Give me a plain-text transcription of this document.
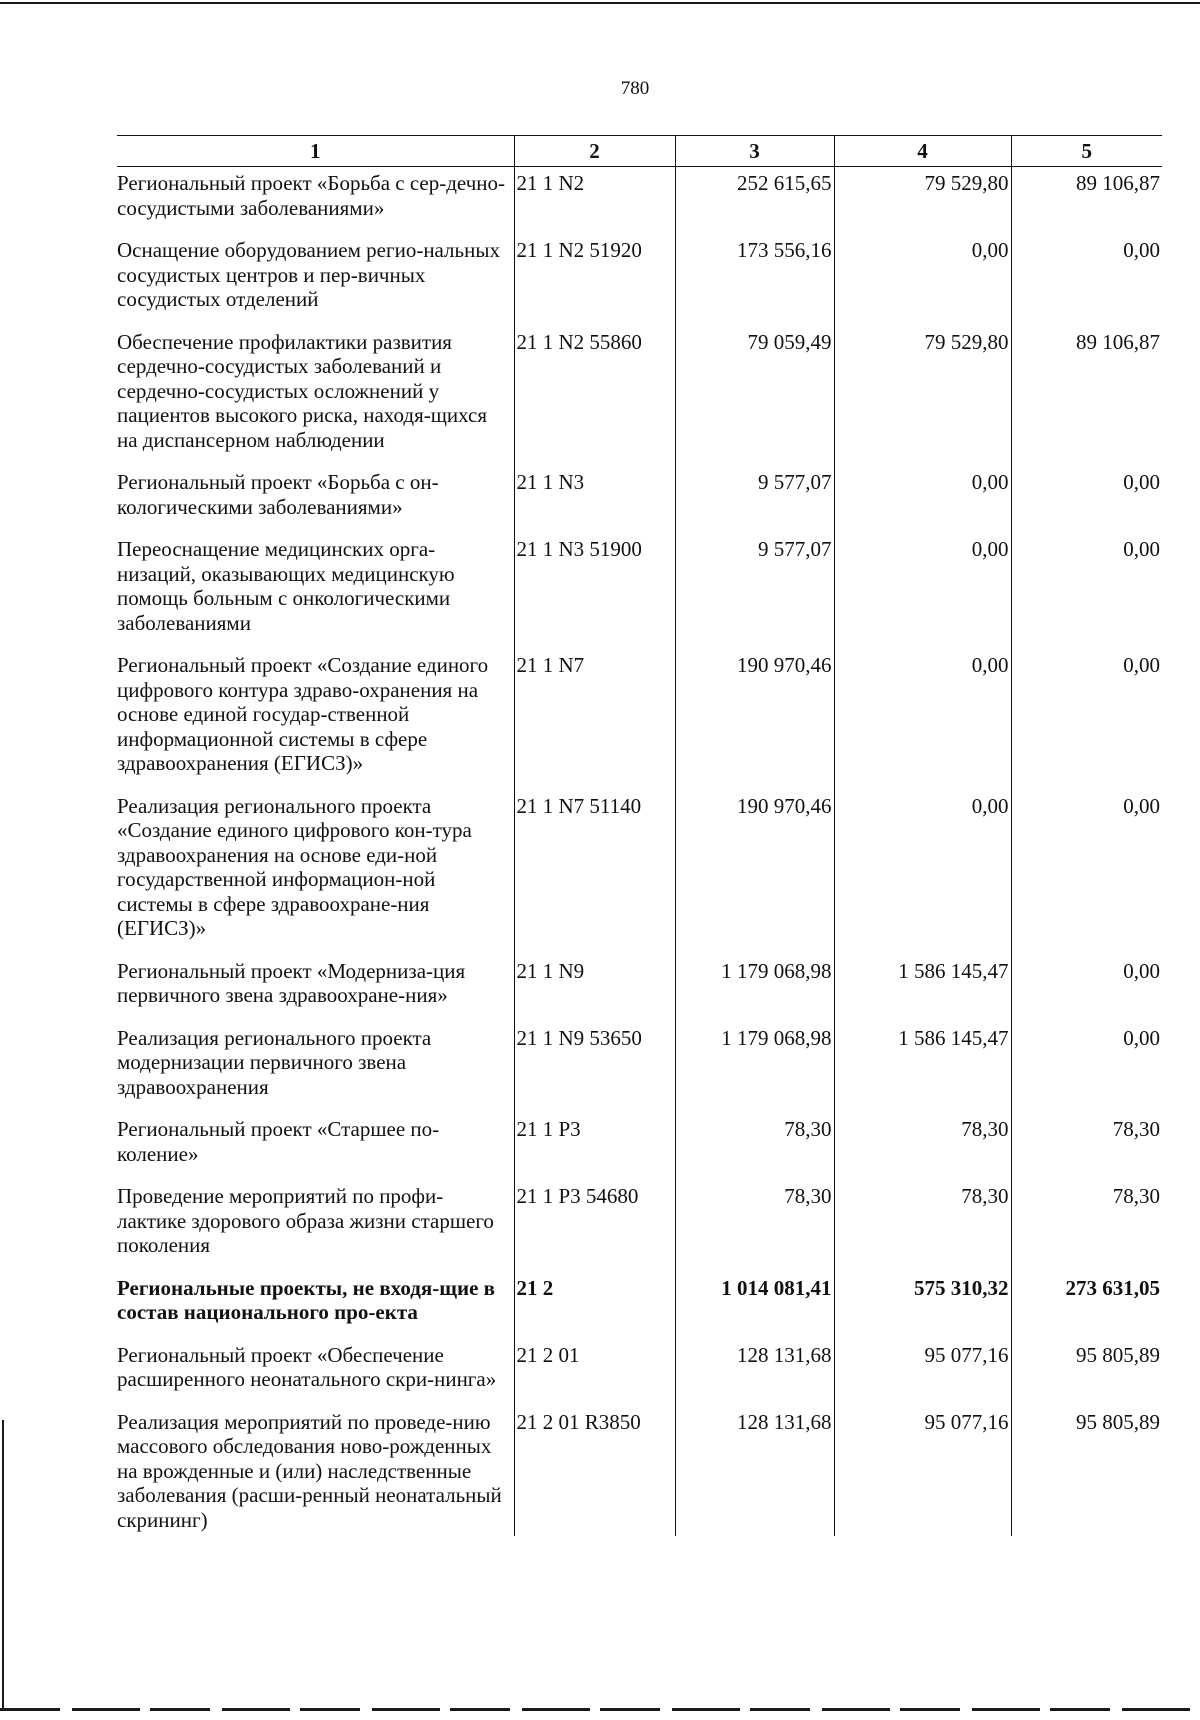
780
1	2	3	4	5
Региональный проект «Борьба с сер-дечно-сосудистыми заболеваниями»	21 1 N2	252 615,65	79 529,80	89 106,87
Оснащение оборудованием регио-нальных сосудистых центров и пер-вичных сосудистых отделений	21 1 N2 51920	173 556,16	0,00	0,00
Обеспечение профилактики развития сердечно-сосудистых заболеваний и сердечно-сосудистых осложнений у пациентов высокого риска, находя-щихся на диспансерном наблюдении	21 1 N2 55860	79 059,49	79 529,80	89 106,87
Региональный проект «Борьба с он-кологическими заболеваниями»	21 1 N3	9 577,07	0,00	0,00
Переоснащение медицинских орга-низаций, оказывающих медицинскую помощь больным с онкологическими заболеваниями	21 1 N3 51900	9 577,07	0,00	0,00
Региональный проект «Создание единого цифрового контура здраво-охранения на основе единой государ-ственной информационной системы в сфере здравоохранения (ЕГИСЗ)»	21 1 N7	190 970,46	0,00	0,00
Реализация регионального проекта «Создание единого цифрового кон-тура здравоохранения на основе еди-ной государственной информацион-ной системы в сфере здравоохране-ния (ЕГИСЗ)»	21 1 N7 51140	190 970,46	0,00	0,00
Региональный проект «Модерниза-ция первичного звена здравоохране-ния»	21 1 N9	1 179 068,98	1 586 145,47	0,00
Реализация регионального проекта модернизации первичного звена здравоохранения	21 1 N9 53650	1 179 068,98	1 586 145,47	0,00
Региональный проект «Старшее по-коление»	21 1 P3	78,30	78,30	78,30
Проведение мероприятий по профи-лактике здорового образа жизни старшего поколения	21 1 P3 54680	78,30	78,30	78,30
Региональные проекты, не входя-щие в состав национального про-екта	21 2	1 014 081,41	575 310,32	273 631,05
Региональный проект «Обеспечение расширенного неонатального скри-нинга»	21 2 01	128 131,68	95 077,16	95 805,89
Реализация мероприятий по проведе-нию массового обследования ново-рожденных на врожденные и (или) наследственные заболевания (расши-ренный неонатальный скрининг)	21 2 01 R3850	128 131,68	95 077,16	95 805,89
